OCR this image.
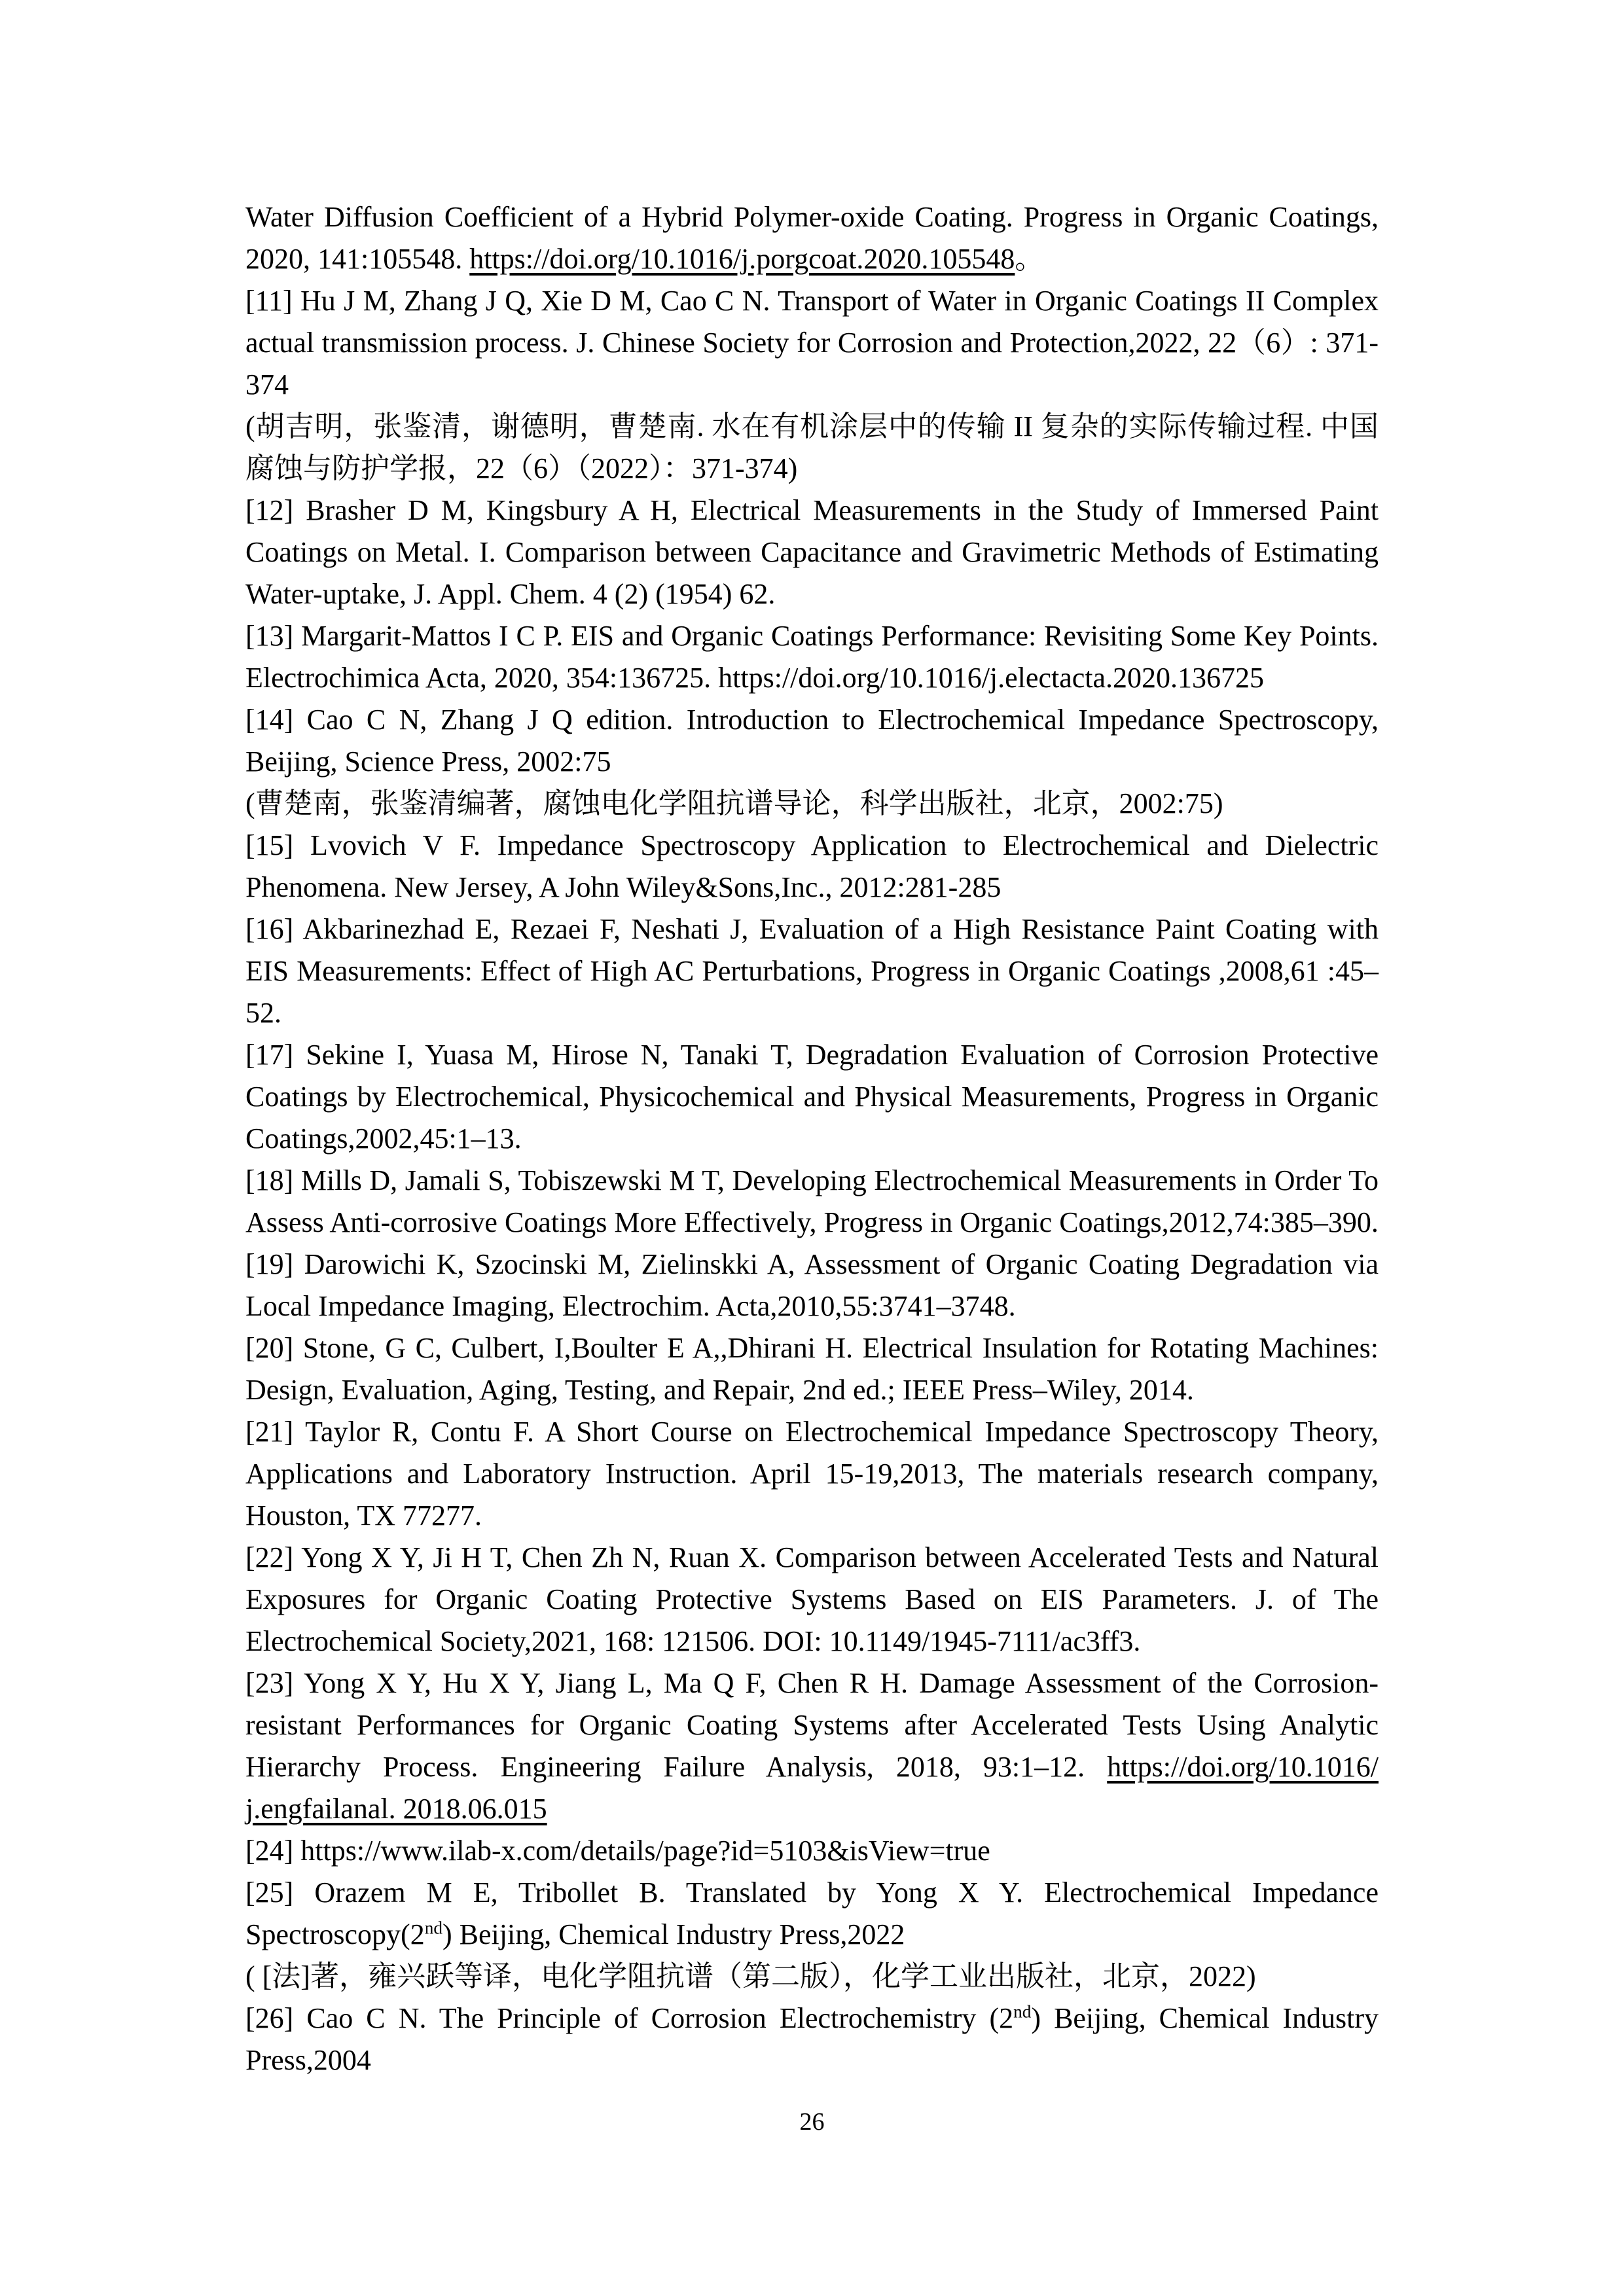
Water Diffusion Coefficient of a Hybrid Polymer-oxide Coating. Progress in Organic Coatings, 2020, 141:105548. https://doi.org/10.1016/j.porgcoat.2020.105548。

[11] Hu J M, Zhang J Q, Xie D M, Cao C N. Transport of Water in Organic Coatings II Complex actual transmission process. J. Chinese Society for Corrosion and Protection,2022, 22（6）: 371-374

(胡吉明，张鉴清，谢德明，曹楚南. 水在有机涂层中的传输 II 复杂的实际传输过程. 中国腐蚀与防护学报，22（6）（2022）：371-374)

[12] Brasher D M, Kingsbury A H, Electrical Measurements in the Study of Immersed Paint Coatings on Metal. I. Comparison between Capacitance and Gravimetric Methods of Estimating Water-uptake, J. Appl. Chem. 4 (2) (1954) 62.

[13] Margarit-Mattos I C P. EIS and Organic Coatings Performance: Revisiting Some Key Points. Electrochimica Acta, 2020, 354:136725. https://doi.org/10.1016/j.electacta.2020.136725

[14] Cao C N, Zhang J Q edition. Introduction to Electrochemical Impedance Spectroscopy, Beijing, Science Press, 2002:75

(曹楚南，张鉴清编著，腐蚀电化学阻抗谱导论，科学出版社，北京，2002:75)

[15] Lvovich V F. Impedance Spectroscopy Application to Electrochemical and Dielectric Phenomena. New Jersey, A John Wiley&Sons,Inc., 2012:281-285

[16] Akbarinezhad E, Rezaei F, Neshati J, Evaluation of a High Resistance Paint Coating with EIS Measurements: Effect of High AC Perturbations, Progress in Organic Coatings ,2008,61 :45–52.

[17] Sekine I, Yuasa M, Hirose N, Tanaki T, Degradation Evaluation of Corrosion Protective Coatings by Electrochemical, Physicochemical and Physical Measurements, Progress in Organic Coatings,2002,45:1–13.

[18] Mills D, Jamali S, Tobiszewski M T, Developing Electrochemical Measurements in Order To Assess Anti-corrosive Coatings More Effectively, Progress in Organic Coatings,2012,74:385–390.

[19] Darowichi K, Szocinski M, Zielinskki A, Assessment of Organic Coating Degradation via Local Impedance Imaging, Electrochim. Acta,2010,55:3741–3748.

[20] Stone, G C, Culbert, I,Boulter E A,,Dhirani H. Electrical Insulation for Rotating Machines: Design, Evaluation, Aging, Testing, and Repair, 2nd ed.; IEEE Press–Wiley, 2014.

[21] Taylor R, Contu F. A Short Course on Electrochemical Impedance Spectroscopy Theory, Applications and Laboratory Instruction. April 15-19,2013, The materials research company, Houston, TX 77277.

[22] Yong X Y, Ji H T, Chen Zh N, Ruan X. Comparison between Accelerated Tests and Natural Exposures for Organic Coating Protective Systems Based on EIS Parameters. J. of The Electrochemical Society,2021, 168: 121506. DOI: 10.1149/1945-7111/ac3ff3.

[23] Yong X Y, Hu X Y, Jiang L, Ma Q F, Chen R H. Damage Assessment of the Corrosion-resistant Performances for Organic Coating Systems after Accelerated Tests Using Analytic Hierarchy Process. Engineering Failure Analysis, 2018, 93:1–12. https://doi.org/10.1016/ j.engfailanal. 2018.06.015

[24] https://www.ilab-x.com/details/page?id=5103&isView=true

[25] Orazem M E, Tribollet B. Translated by Yong X Y. Electrochemical Impedance Spectroscopy(2nd) Beijing, Chemical Industry Press,2022

( [法]著，雍兴跃等译，电化学阻抗谱（第二版），化学工业出版社，北京，2022)

[26] Cao C N. The Principle of Corrosion Electrochemistry (2nd) Beijing, Chemical Industry Press,2004

26
